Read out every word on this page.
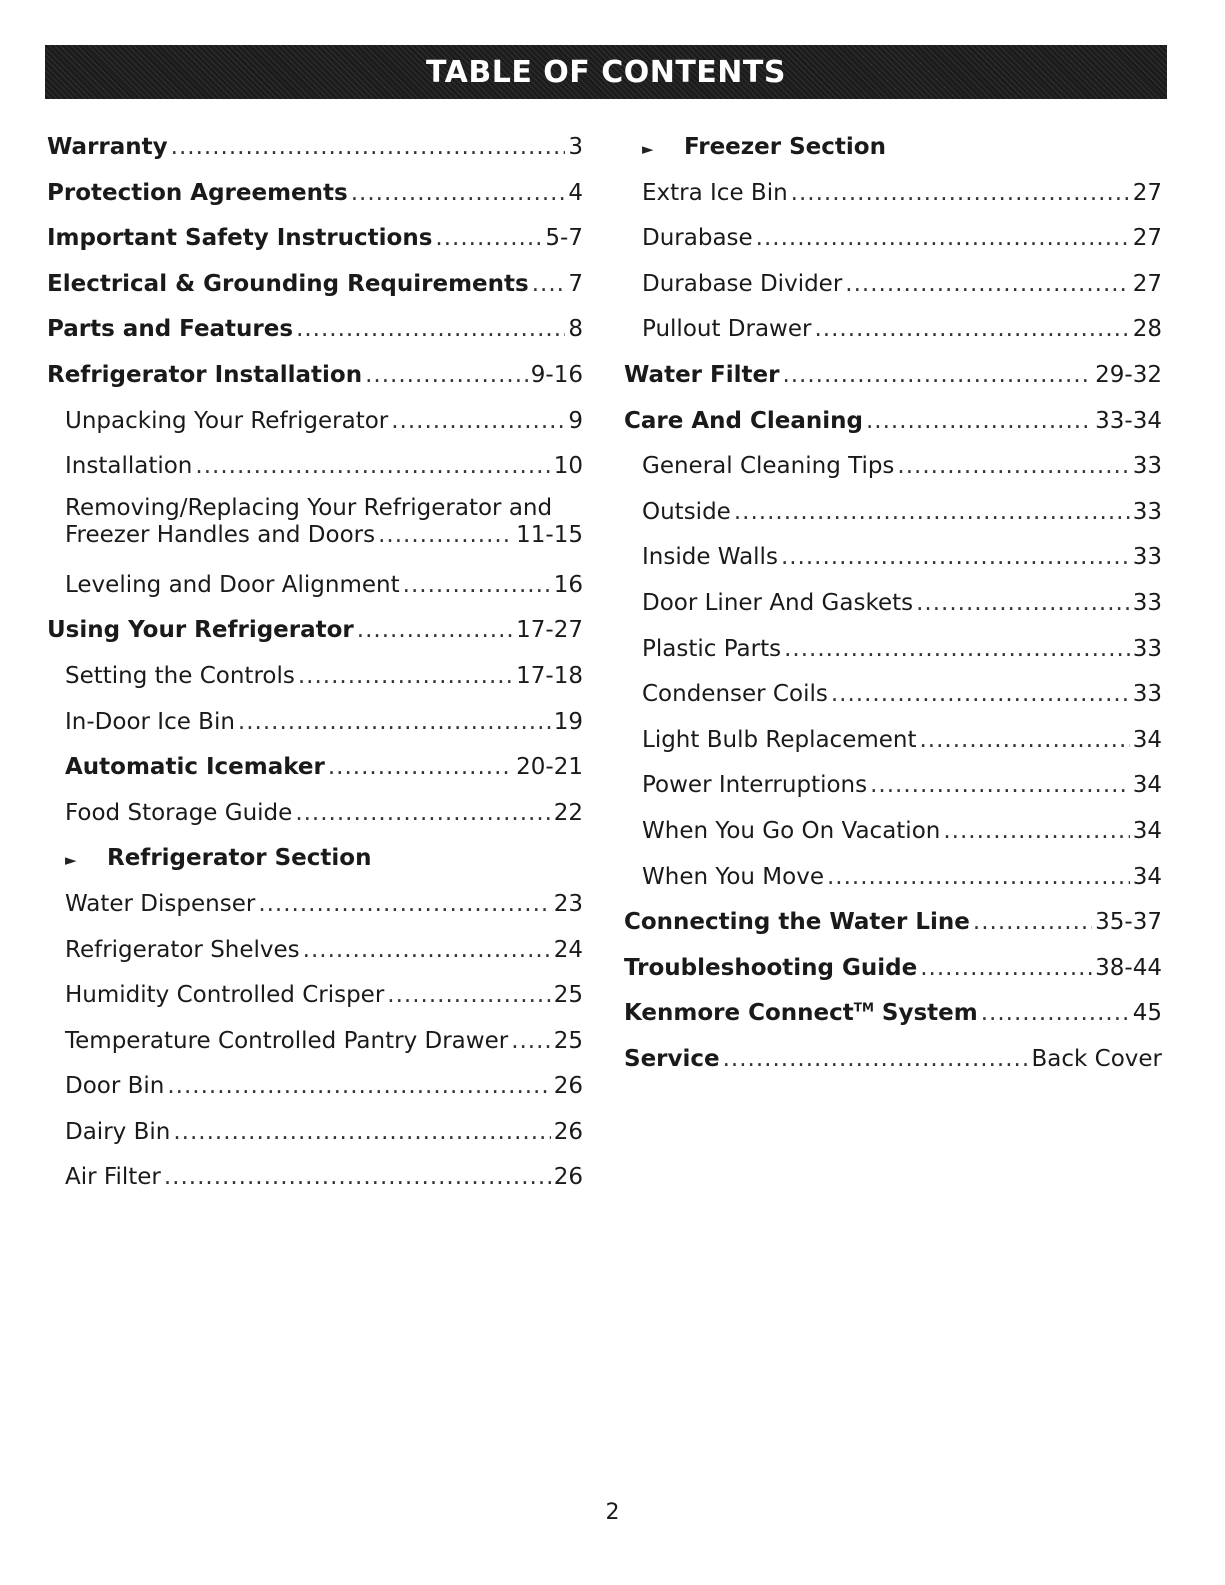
TABLE OF CONTENTS
Warranty .....	3
Protection Agreements .....	4
Important Safety Instructions .....	5-7
Electrical & Grounding Requirements ..... 7
Parts and Features .....	8
Refrigerator Installation .....	9-16
Unpacking Your Refrigerator .....	9
Installation .....	10
Removing/Replacing Your Refrigerator and
Freezer Handles and Doors .....	11-15
Leveling and Door Alignment .....	16
Using Your Refrigerator .....	17-27
Setting the Controls .....	17-18
In-Door Ice Bin .....	19
Automatic Icemaker .....	20-21
Food Storage Guide .....	22
►	Refrigerator Section
Water Dispenser .....	23
Refrigerator Shelves .....	24
Humidity Controlled Crisper .....	25
Temperature Controlled Pantry Drawer ..... 25
Door Bin .....	26
Dairy Bin .....	26
Air Filter .....	26
►	Freezer Section
Extra Ice Bin .....	27
Durabase .....	27
Durabase Divider .....	27
Pullout Drawer .....	28
Water Filter .....	29-32
Care And Cleaning .....	33-34
General Cleaning Tips .....	33
Outside .....	33
Inside Walls .....	33
Door Liner And Gaskets .....	33
Plastic Parts .....	33
Condenser Coils .....	33
Light Bulb Replacement .....	34
Power Interruptions .....	34
When You Go On Vacation .....	34
When You Move .....	34
Connecting the Water Line .....	35-37
Troubleshooting Guide .....	38-44
Kenmore Connect™ System .....	45
Service .....	Back Cover
2
